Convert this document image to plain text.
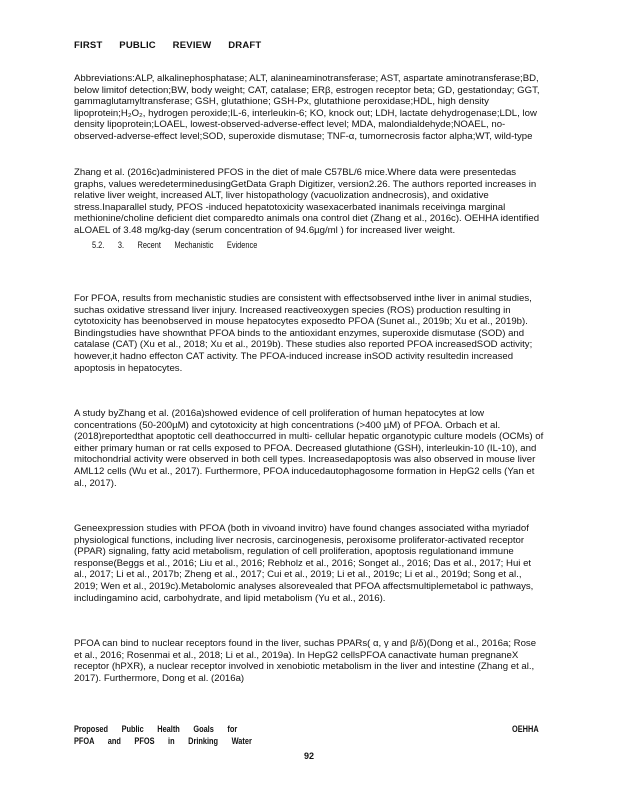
FIRST PUBLIC REVIEW DRAFT

Abbreviations:ALP, alkalinephosphatase; ALT, alanineaminotransferase; AST, aspartate aminotransferase;BD, below limitof detection;BW, body weight; CAT, catalase; ERβ, estrogen receptor beta; GD, gestationday; GGT, gammaglutamyltransferase; GSH, glutathione; GSH-Px, glutathione peroxidase;HDL, high density lipoprotein;H₂O₂, hydrogen peroxide;IL-6, interleukin-6; KO, knock out; LDH, lactate dehydrogenase;LDL, low density lipoprotein;LOAEL, lowest-observed-adverse-effect level; MDA, malondialdehyde;NOAEL, no-observed-adverse-effect level;SOD, superoxide dismutase; TNF-α, tumornecrosis factor alpha;WT, wild-type

Zhang et al. (2016c)administered PFOS in the diet of male C57BL/6 mice.Where data were presentedas graphs, values weredeterminedusingGetData Graph Digitizer, version2.26. The authors reported increases in relative liver weight, increased ALT, liver histopathology (vacuolization andnecrosis), and oxidative stress.Inaparallel study, PFOS -induced hepatotoxicity wasexacerbated inanimals receivinga marginal methionine/choline deficient diet comparedto animals ona control diet (Zhang et al., 2016c). OEHHA identified aLOAEL of 3.48 mg/kg-day (serum concentration of 94.6µg/ml ) for increased liver weight.

5.2. 3. Recent Mechanistic Evidence

For PFOA, results from mechanistic studies are consistent with effectsobserved inthe liver in animal studies, suchas oxidative stressand liver injury. Increased reactiveoxygen species (ROS) production resulting in cytotoxicity has beenobserved in mouse hepatocytes exposedto PFOA (Sunet al., 2019b; Xu et al., 2019b). Bindingstudies have shownthat PFOA binds to the antioxidant enzymes, superoxide dismutase (SOD) and catalase (CAT) (Xu et al., 2018; Xu et al., 2019b). These studies also reported PFOA increasedSOD activity; however,it hadno effecton CAT activity. The PFOA-induced increase inSOD activity resultedin increased apoptosis in hepatocytes.

A study byZhang et al. (2016a)showed evidence of cell proliferation of human hepatocytes at low concentrations (50-200µM) and cytotoxicity at high concentrations (>400 µM) of PFOA. Orbach et al. (2018)reportedthat apoptotic cell deathoccurred in multi- cellular hepatic organotypic culture models (OCMs) of either primary human or rat cells exposed to PFOA. Decreased glutathione (GSH), interleukin-10 (IL-10), and mitochondrial activity were observed in both cell types. Increasedapoptosis was also observed in mouse liver AML12 cells (Wu et al., 2017). Furthermore, PFOA inducedautophagosome formation in HepG2 cells (Yan et al., 2017).

Geneexpression studies with PFOA (both in vivoand invitro) have found changes associated witha myriadof physiological functions, including liver necrosis, carcinogenesis, peroxisome proliferator-activated receptor (PPAR) signaling, fatty acid metabolism, regulation of cell proliferation, apoptosis regulationand immune response(Beggs et al., 2016; Liu et al., 2016; Rebholz et al., 2016; Songet al., 2016; Das et al., 2017; Hui et al., 2017; Li et al., 2017b; Zheng et al., 2017; Cui et al., 2019; Li et al., 2019c; Li et al., 2019d; Song et al., 2019; Wen et al., 2019c).Metabolomic analyses alsorevealed that PFOA affectsmultiplemetabol ic pathways, includingamino acid, carbohydrate, and lipid metabolism (Yu et al., 2016).

PFOA can bind to nuclear receptors found in the liver, suchas PPARs( α, γ and β/δ)(Dong et al., 2016a; Rose et al., 2016; Rosenmai et al., 2018; Li et al., 2019a). In HepG2 cellsPFOA canactivate human pregnaneX receptor (hPXR), a nuclear receptor involved in xenobiotic metabolism in the liver and intestine (Zhang et al., 2017). Furthermore, Dong et al. (2016a)

Proposed Public Health Goals for
PFOA and PFOS in Drinking Water
OEHHA
92
